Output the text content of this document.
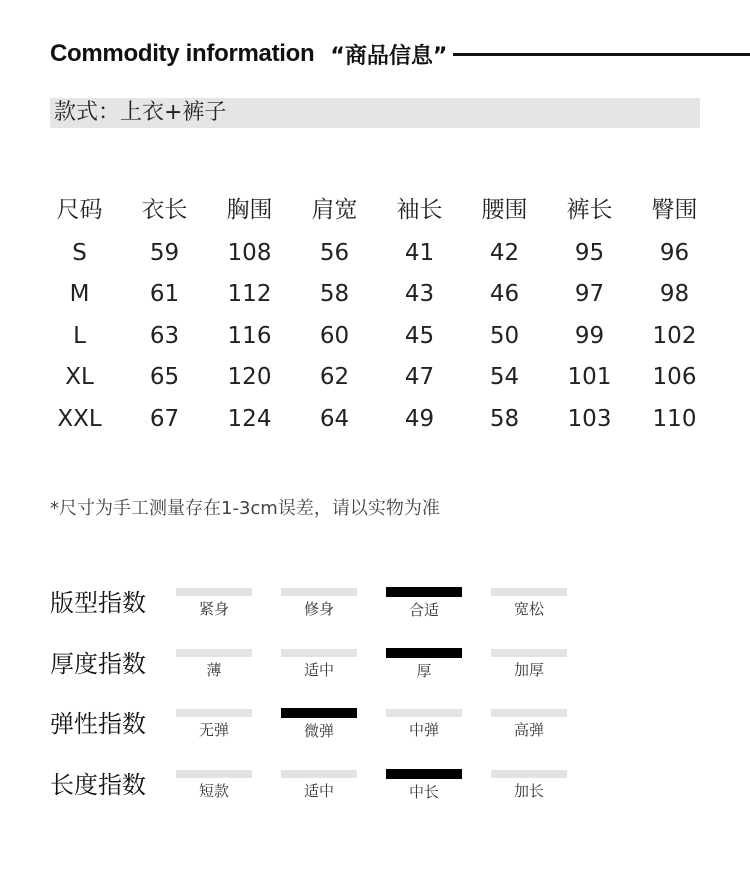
Commodity information “商品信息”
款式：上衣+裤子
尺码	衣长	胸围	肩宽	袖长	腰围	裤长	臀围
S	59	108	56	41	42	95	96
M	61	112	58	43	46	97	98
L	63	116	60	45	50	99	102
XL	65	120	62	47	54	101	106
XXL	67	124	64	49	58	103	110
*尺寸为手工测量存在1-3cm误差，请以实物为准
版型指数	紧身	修身	合适	宽松
厚度指数	薄	适中	厚	加厚
弹性指数	无弹	微弹	中弹	高弹
长度指数	短款	适中	中长	加长
